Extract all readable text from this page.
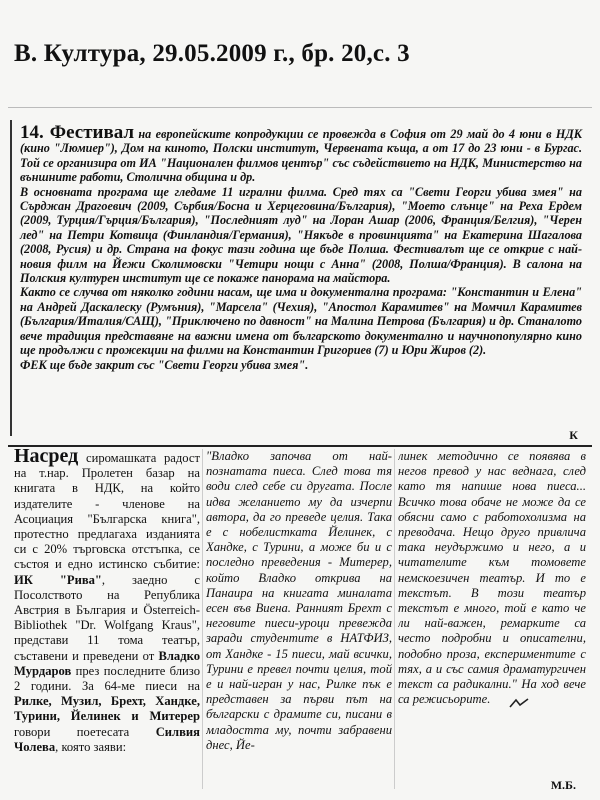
В. Култура, 29.05.2009 г., бр. 20,с. 3

14. Фестивал на европейските копродукции се провежда в София от 29 май до 4 юни в НДК (кино "Люмиер"), Дом на киното, Полски институт, Червената къща, а от 17 до 23 юни - в Бургас. Той се организира от ИА "Национален филмов център" със съдействието на НДК, Министерство на външните работи, Столична община и др.

В основната програма ще гледаме 11 игрални филма. Сред тях са "Свети Георги убива змея" на Сърджан Драгоевич (2009, Сърбия/Босна и Херцеговина/България), "Моето слънце" на Реха Ердем (2009, Турция/Гърция/България), "Последният луд" на Лоран Ашар (2006, Франция/Белгия), "Черен лед" на Петри Котвица (Финландия/Германия), "Някъде в провинцията" на Екатерина Шагалова (2008, Русия) и др. Страна на фокус тази година ще бъде Полша. Фестивалът ще се открие с най-новия филм на Йежи Сколимовски "Четири нощи с Анна" (2008, Полша/Франция). В салона на Полския културен институт ще се покаже панорама на майстора.

Както се случва от няколко години насам, ще има и документална програма: "Константин и Елена" на Андрей Даскалеску (Румъния), "Марсела" (Чехия), "Апостол Карамитев" на Момчил Карамитев (България/Италия/САЩ), "Приключено по давност" на Малина Петрова (България) и др. Станалото вече традиция представяне на важни имена от българското документално и научнопопулярно кино ще продължи с прожекции на филми на Константин Григориев (7) и Юри Жиров (2).

ФЕК ще бъде закрит със "Свети Георги убива змея".

К

Насред сиромашката радост на т.нар. Пролетен базар на книгата в НДК, на който издателите - членове на Асоциация "Българска книга", протестно предлагаха изданията си с 20% търговска отстъпка, се състоя и едно истинско събитие: ИК "Рива", заедно с Посолството на Република Австрия в България и Österreich-Bibliothek "Dr. Wolfgang Kraus", представи 11 тома театър, съставени и преведени от Владко Мурдаров през последните близо 2 години. За 64-ме пиеси на Рилке, Музил, Брехт, Хандке, Турини, Йелинек и Митерер говори поетесата Силвия Чолева, която заяви:

"Владко започва от най-познатата пиеса. След това тя води след себе си другата. После идва желанието му да изчерпи автора, да го преведе целия. Така е с нобелистката Йелинек, с Хандке, с Турини, а може би и с последно преведения - Митерер, който Владко открива на Панаира на книгата миналата есен във Виена. Ранният Брехт с неговите пиеси-уроци превежда заради студентите в НАТФИЗ, от Хандке - 15 пиеси, май всички, Турини е превел почти целия, той е и най-игран у нас, Рилке пък е представен за първи път на български с драмите си, писани в младостта му, почти забравени днес, Йе-

линек методично се появява в негов превод у нас веднага, след като тя напише нова пиеса... Всичко това обаче не може да се обясни само с работохолизма на преводача. Нещо друго привлича така неудържимо и него, а и читателите към томовете немскоезичен театър. И то е текстът. В този театър текстът е много, той е като че ли най-важен, ремарките са често подробни и описателни, подобно проза, експериментите с тях, а и със самия драматургичен текст са радикални." На ход вече са режисьорите.

М.Б.
